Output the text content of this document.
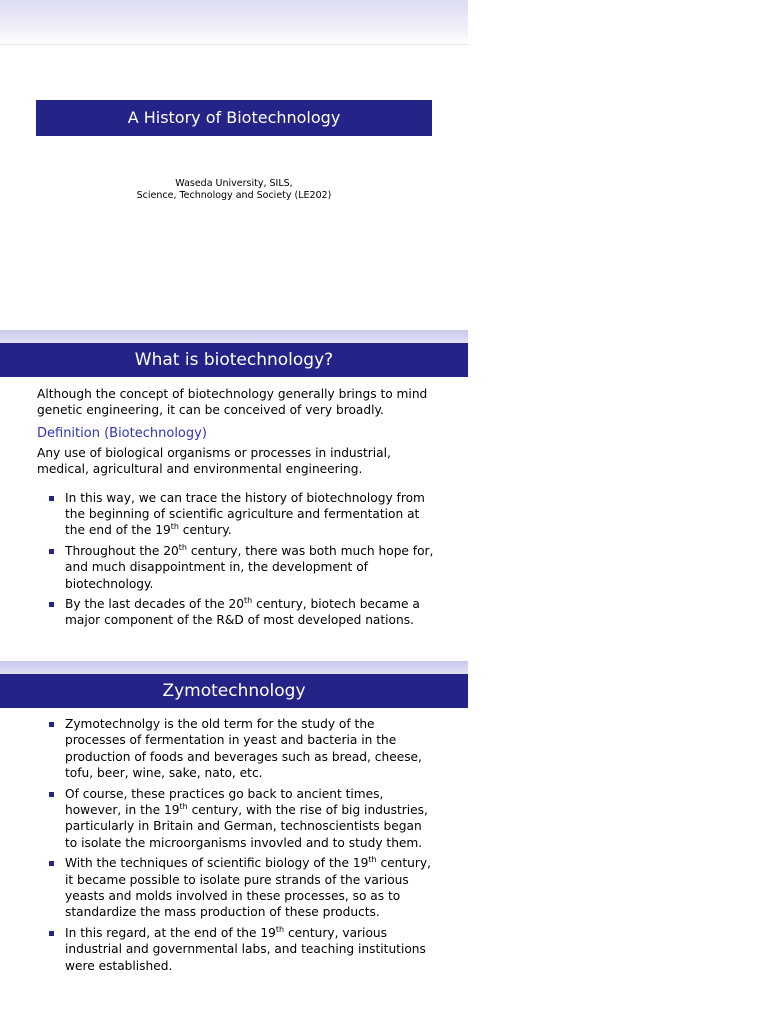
A History of Biotechnology
Waseda University, SILS,
Science, Technology and Society (LE202)
What is biotechnology?

Although the concept of biotechnology generally brings to mind genetic engineering, it can be conceived of very broadly.

Definition (Biotechnology)

Any use of biological organisms or processes in industrial, medical, agricultural and environmental engineering.

In this way, we can trace the history of biotechnology from the beginning of scientific agriculture and fermentation at the end of the 19th century.
Throughout the 20th century, there was both much hope for, and much disappointment in, the development of biotechnology.
By the last decades of the 20th century, biotech became a major component of the R&D of most developed nations.
Zymotechnology
Zymotechnolgy is the old term for the study of the processes of fermentation in yeast and bacteria in the production of foods and beverages such as bread, cheese, tofu, beer, wine, sake, nato, etc.
Of course, these practices go back to ancient times, however, in the 19th century, with the rise of big industries, particularly in Britain and German, technoscientists began to isolate the microorganisms invovled and to study them.
With the techniques of scientific biology of the 19th century, it became possible to isolate pure strands of the various yeasts and molds involved in these processes, so as to standardize the mass production of these products.
In this regard, at the end of the 19th century, various industrial and governmental labs, and teaching institutions were established.
